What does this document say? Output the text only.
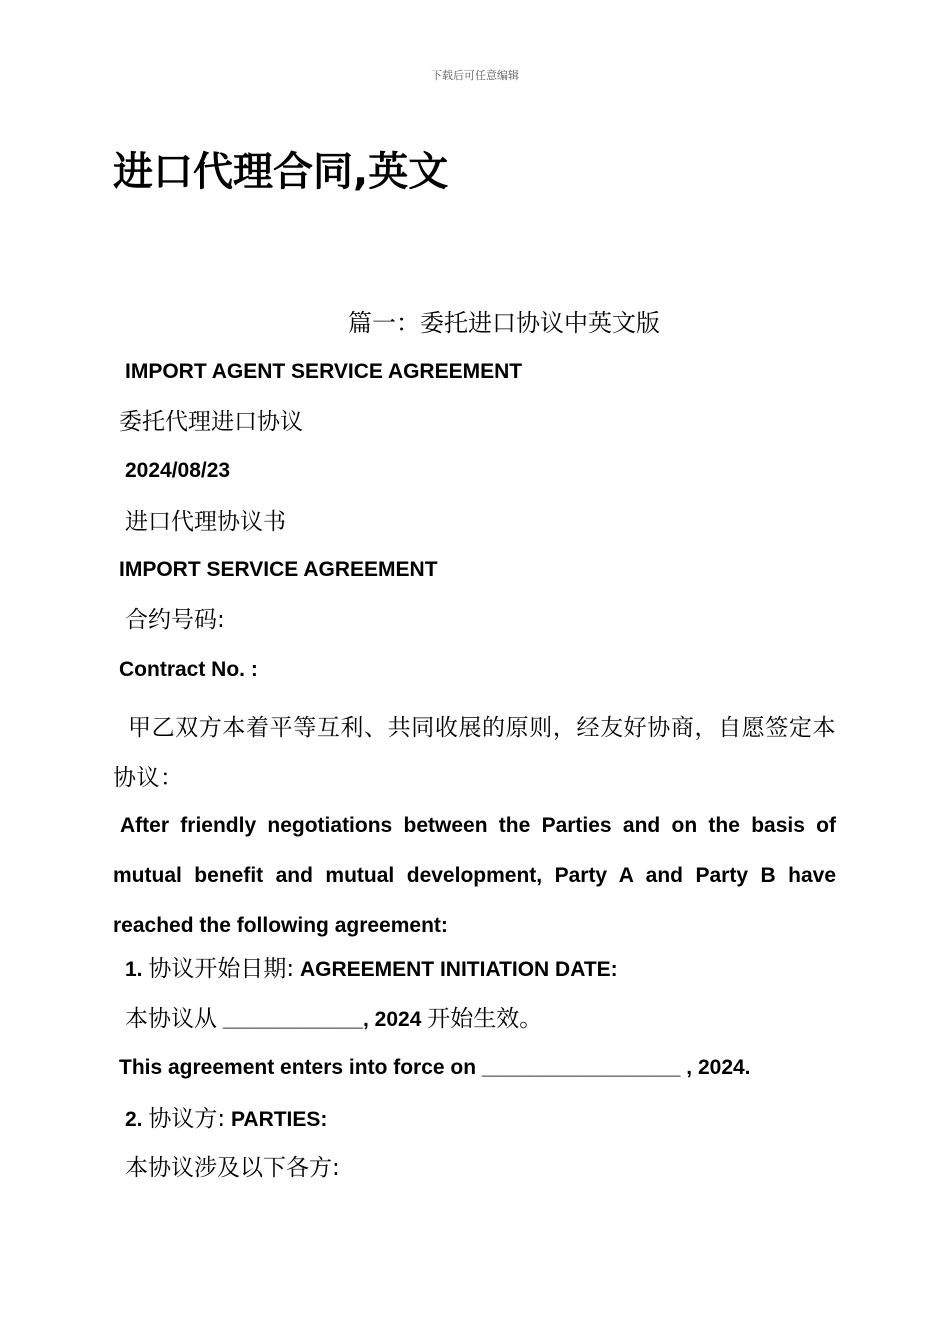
下载后可任意编辑
进口代理合同,英文
篇一：委托进口协议中英文版
IMPORT AGENT SERVICE AGREEMENT
委托代理进口协议
2024/08/23
进口代理协议书
IMPORT SERVICE AGREEMENT
合约号码:
Contract No. :
甲乙双方本着平等互利、共同收展的原则，经友好协商，自愿签定本协议：
After friendly negotiations between the Parties and on the basis of mutual benefit and mutual development, Party A and Party B have reached the following agreement:
1. 协议开始日期: AGREEMENT INITIATION DATE:
本协议从 ____________, 2024 开始生效。
This agreement enters into force on _________________ , 2024.
2. 协议方: PARTIES:
本协议涉及以下各方:
